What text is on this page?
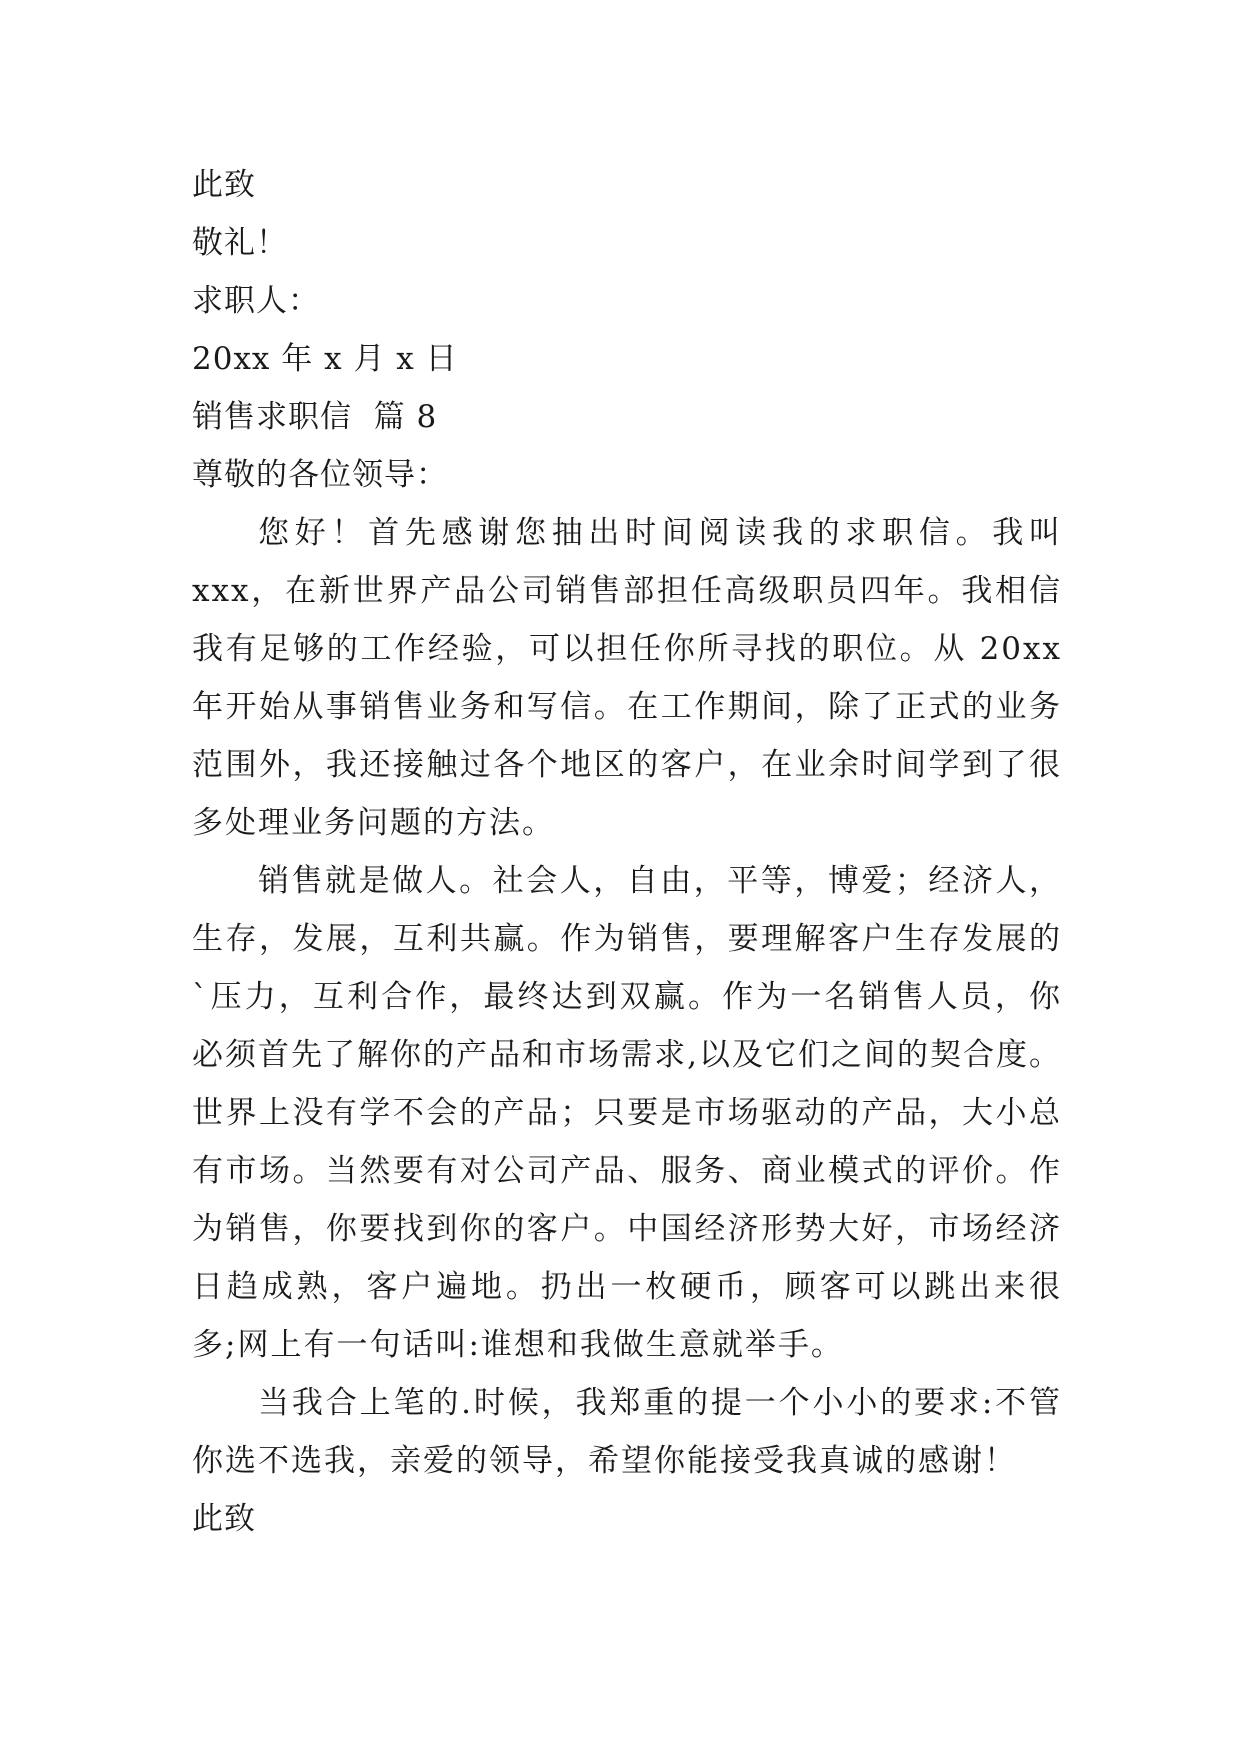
此致
敬礼！
求职人：
20xx 年 x 月 x 日
销售求职信  篇 8
尊敬的各位领导：

您好！首先感谢您抽出时间阅读我的求职信。我叫 xxx，在新世界产品公司销售部担任高级职员四年。我相信我有足够的工作经验，可以担任你所寻找的职位。从 20xx 年开始从事销售业务和写信。在工作期间，除了正式的业务范围外，我还接触过各个地区的客户，在业余时间学到了很多处理业务问题的方法。

销售就是做人。社会人，自由，平等，博爱；经济人，生存，发展，互利共赢。作为销售，要理解客户生存发展的`压力，互利合作，最终达到双赢。作为一名销售人员，你必须首先了解你的产品和市场需求,以及它们之间的契合度。世界上没有学不会的产品；只要是市场驱动的产品，大小总有市场。当然要有对公司产品、服务、商业模式的评价。作为销售，你要找到你的客户。中国经济形势大好，市场经济日趋成熟，客户遍地。扔出一枚硬币，顾客可以跳出来很多;网上有一句话叫:谁想和我做生意就举手。

当我合上笔的.时候，我郑重的提一个小小的要求:不管你选不选我，亲爱的领导，希望你能接受我真诚的感谢！

此致
